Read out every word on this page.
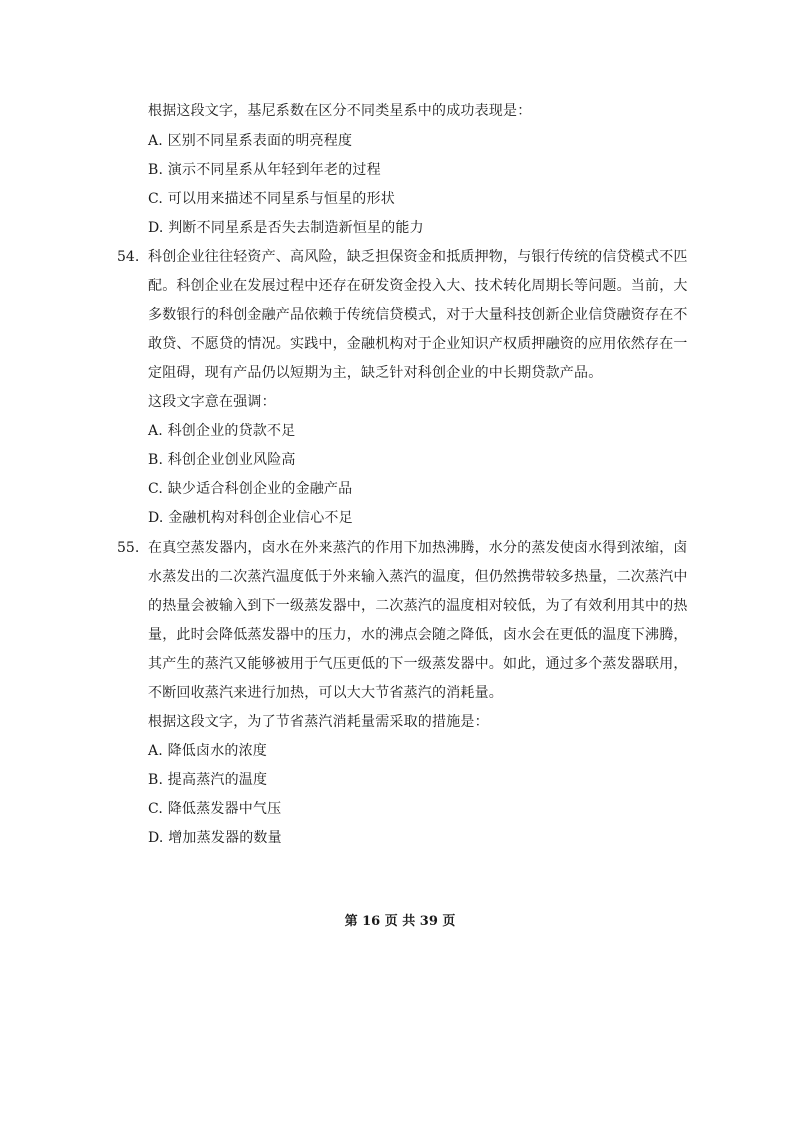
根据这段文字，基尼系数在区分不同类星系中的成功表现是：
A. 区别不同星系表面的明亮程度
B. 演示不同星系从年轻到年老的过程
C. 可以用来描述不同星系与恒星的形状
D. 判断不同星系是否失去制造新恒星的能力
54. 科创企业往往轻资产、高风险，缺乏担保资金和抵质押物，与银行传统的信贷模式不匹
配。科创企业在发展过程中还存在研发资金投入大、技术转化周期长等问题。当前，大
多数银行的科创金融产品依赖于传统信贷模式，对于大量科技创新企业信贷融资存在不
敢贷、不愿贷的情况。实践中，金融机构对于企业知识产权质押融资的应用依然存在一
定阻碍，现有产品仍以短期为主，缺乏针对科创企业的中长期贷款产品。
这段文字意在强调：
A. 科创企业的贷款不足
B. 科创企业创业风险高
C. 缺少适合科创企业的金融产品
D. 金融机构对科创企业信心不足
55. 在真空蒸发器内，卤水在外来蒸汽的作用下加热沸腾，水分的蒸发使卤水得到浓缩，卤
水蒸发出的二次蒸汽温度低于外来输入蒸汽的温度，但仍然携带较多热量，二次蒸汽中
的热量会被输入到下一级蒸发器中，二次蒸汽的温度相对较低，为了有效利用其中的热
量，此时会降低蒸发器中的压力，水的沸点会随之降低，卤水会在更低的温度下沸腾，
其产生的蒸汽又能够被用于气压更低的下一级蒸发器中。如此，通过多个蒸发器联用，
不断回收蒸汽来进行加热，可以大大节省蒸汽的消耗量。
根据这段文字，为了节省蒸汽消耗量需采取的措施是：
A. 降低卤水的浓度
B. 提高蒸汽的温度
C. 降低蒸发器中气压
D. 增加蒸发器的数量
第 16 页 共 39 页
